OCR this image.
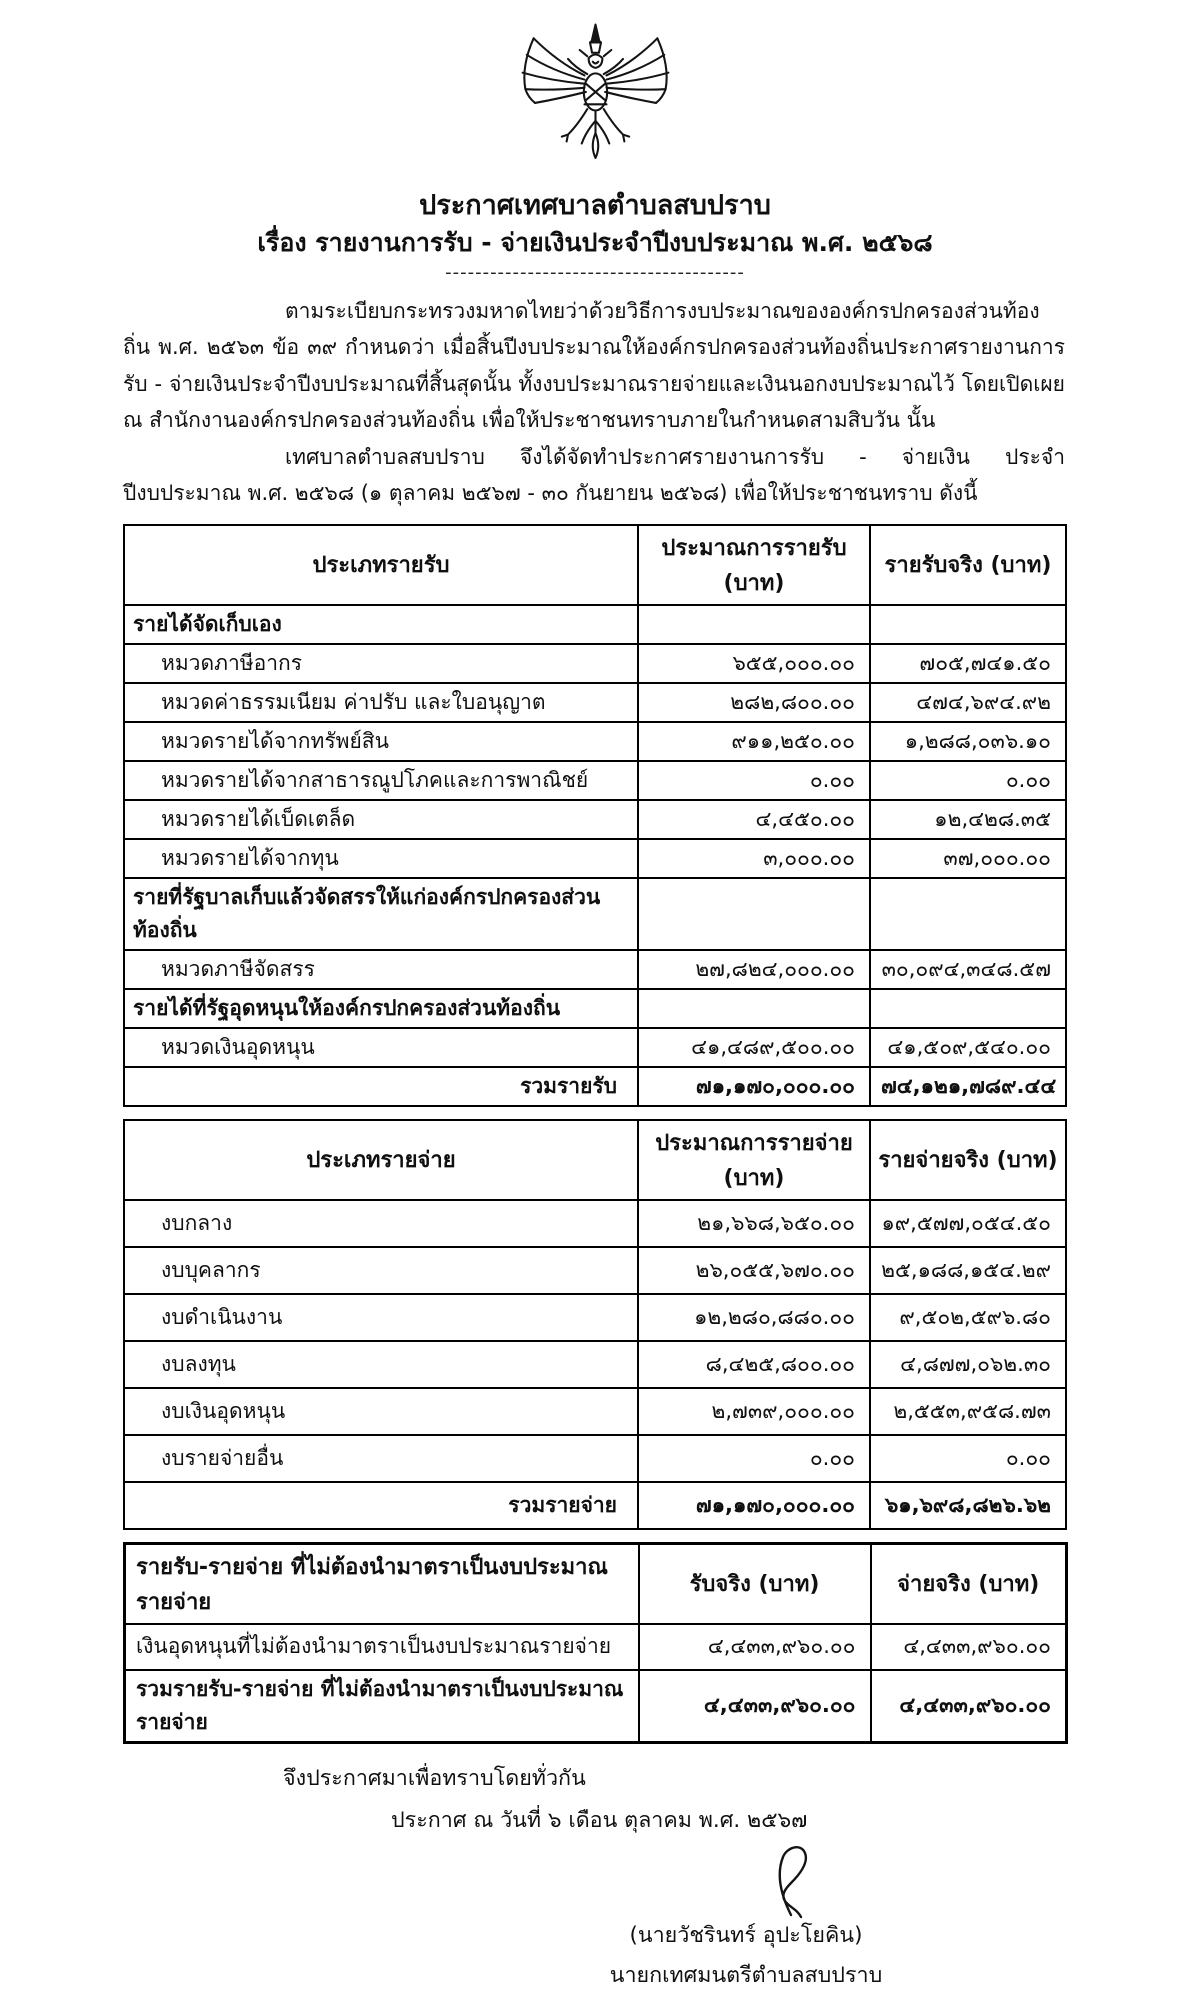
ประกาศเทศบาลตำบลสบปราบ
เรื่อง รายงานการรับ - จ่ายเงินประจำปีงบประมาณ พ.ศ. ๒๕๖๘
----------------------------------------

ตามระเบียบกระทรวงมหาดไทยว่าด้วยวิธีการงบประมาณขององค์กรปกครองส่วนท้องถิ่น พ.ศ. ๒๕๖๓ ข้อ ๓๙ กำหนดว่า เมื่อสิ้นปีงบประมาณให้องค์กรปกครองส่วนท้องถิ่นประกาศรายงานการรับ - จ่ายเงินประจำปีงบประมาณที่สิ้นสุดนั้น ทั้งงบประมาณรายจ่ายและเงินนอกงบประมาณไว้ โดยเปิดเผย ณ สำนักงานองค์กรปกครองส่วนท้องถิ่น เพื่อให้ประชาชนทราบภายในกำหนดสามสิบวัน นั้น

เทศบาลตำบลสบปราบ จึงได้จัดทำประกาศรายงานการรับ - จ่ายเงิน ประจำปีงบประมาณ พ.ศ. ๒๕๖๘ (๑ ตุลาคม ๒๕๖๗ - ๓๐ กันยายน ๒๕๖๘) เพื่อให้ประชาชนทราบ ดังนี้

ประเภทรายรับ	ประมาณการรายรับ (บาท)	รายรับจริง (บาท)
รายได้จัดเก็บเอง		
หมวดภาษีอากร	๖๕๕,๐๐๐.๐๐	๗๐๕,๗๔๑.๕๐
หมวดค่าธรรมเนียม ค่าปรับ และใบอนุญาต	๒๘๒,๘๐๐.๐๐	๔๗๔,๖๙๔.๙๒
หมวดรายได้จากทรัพย์สิน	๙๑๑,๒๕๐.๐๐	๑,๒๘๘,๐๓๖.๑๐
หมวดรายได้จากสาธารณูปโภคและการพาณิชย์	๐.๐๐	๐.๐๐
หมวดรายได้เบ็ดเตล็ด	๔,๔๕๐.๐๐	๑๒,๔๒๘.๓๕
หมวดรายได้จากทุน	๓,๐๐๐.๐๐	๓๗,๐๐๐.๐๐
รายที่รัฐบาลเก็บแล้วจัดสรรให้แก่องค์กรปกครองส่วนท้องถิ่น		
หมวดภาษีจัดสรร	๒๗,๘๒๔,๐๐๐.๐๐	๓๐,๐๙๔,๓๔๘.๕๗
รายได้ที่รัฐอุดหนุนให้องค์กรปกครองส่วนท้องถิ่น		
หมวดเงินอุดหนุน	๔๑,๔๘๙,๕๐๐.๐๐	๔๑,๕๐๙,๕๔๐.๐๐
รวมรายรับ	๗๑,๑๗๐,๐๐๐.๐๐	๗๔,๑๒๑,๗๘๙.๔๔
ประเภทรายจ่าย	ประมาณการรายจ่าย (บาท)	รายจ่ายจริง (บาท)
งบกลาง	๒๑,๖๖๘,๖๕๐.๐๐	๑๙,๕๗๗,๐๕๔.๕๐
งบบุคลากร	๒๖,๐๕๕,๖๗๐.๐๐	๒๕,๑๘๘,๑๕๔.๒๙
งบดำเนินงาน	๑๒,๒๘๐,๘๘๐.๐๐	๙,๕๐๒,๕๙๖.๘๐
งบลงทุน	๘,๔๒๕,๘๐๐.๐๐	๔,๘๗๗,๐๖๒.๓๐
งบเงินอุดหนุน	๒,๗๓๙,๐๐๐.๐๐	๒,๕๕๓,๙๕๘.๗๓
งบรายจ่ายอื่น	๐.๐๐	๐.๐๐
รวมรายจ่าย	๗๑,๑๗๐,๐๐๐.๐๐	๖๑,๖๙๘,๘๒๖.๖๒
รายรับ-รายจ่าย ที่ไม่ต้องนำมาตราเป็นงบประมาณรายจ่าย	รับจริง (บาท)	จ่ายจริง (บาท)
เงินอุดหนุนที่ไม่ต้องนำมาตราเป็นงบประมาณรายจ่าย	๔,๔๓๓,๙๖๐.๐๐	๔,๔๓๓,๙๖๐.๐๐
รวมรายรับ-รายจ่าย ที่ไม่ต้องนำมาตราเป็นงบประมาณรายจ่าย	๔,๔๓๓,๙๖๐.๐๐	๔,๔๓๓,๙๖๐.๐๐
จึงประกาศมาเพื่อทราบโดยทั่วกัน
ประกาศ ณ วันที่ ๖ เดือน ตุลาคม พ.ศ. ๒๕๖๗
(นายวัชรินทร์ อุปะโยคิน)
นายกเทศมนตรีตำบลสบปราบ
